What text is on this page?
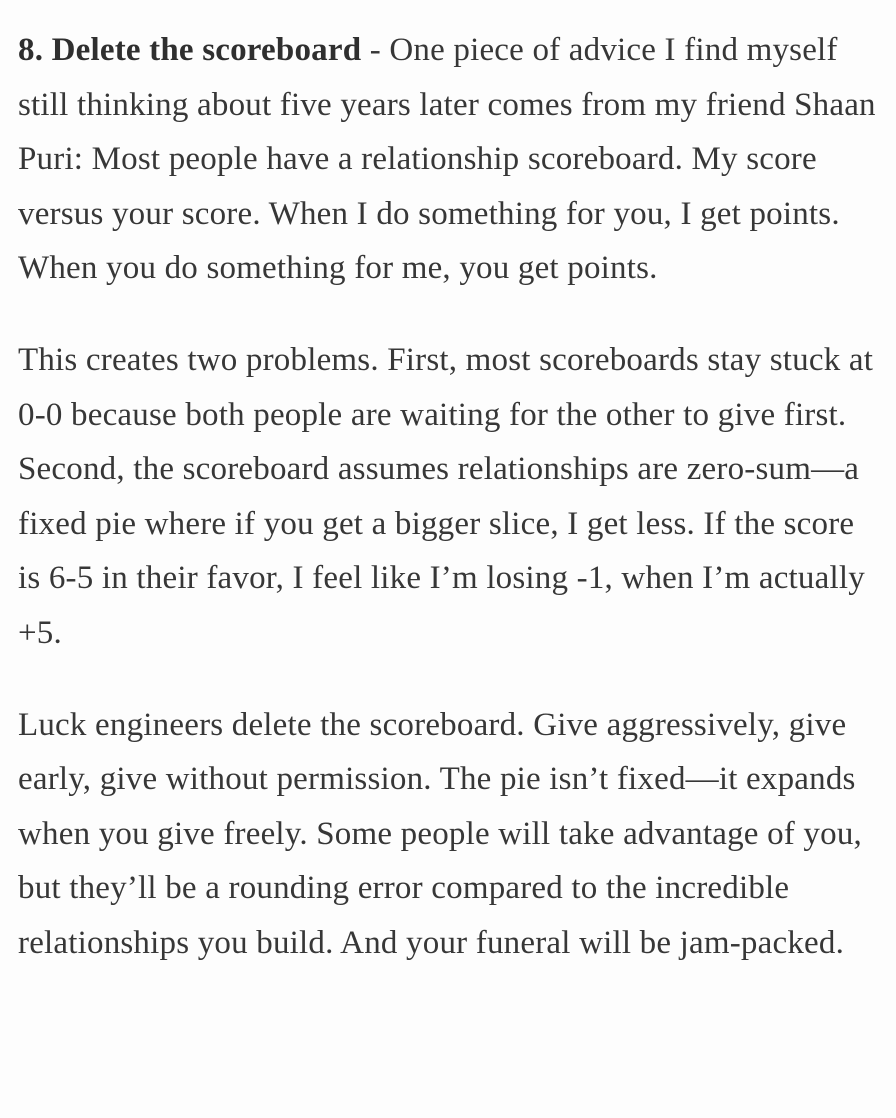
8. Delete the scoreboard - One piece of advice I find myself still thinking about five years later comes from my friend Shaan Puri: Most people have a relationship scoreboard. My score versus your score. When I do something for you, I get points. When you do something for me, you get points.

This creates two problems. First, most scoreboards stay stuck at 0-0 because both people are waiting for the other to give first. Second, the scoreboard assumes relationships are zero-sum—a fixed pie where if you get a bigger slice, I get less. If the score is 6-5 in their favor, I feel like I’m losing -1, when I’m actually +5.

Luck engineers delete the scoreboard. Give aggressively, give early, give without permission. The pie isn’t fixed—it expands when you give freely. Some people will take advantage of you, but they’ll be a rounding error compared to the incredible relationships you build. And your funeral will be jam-packed.
